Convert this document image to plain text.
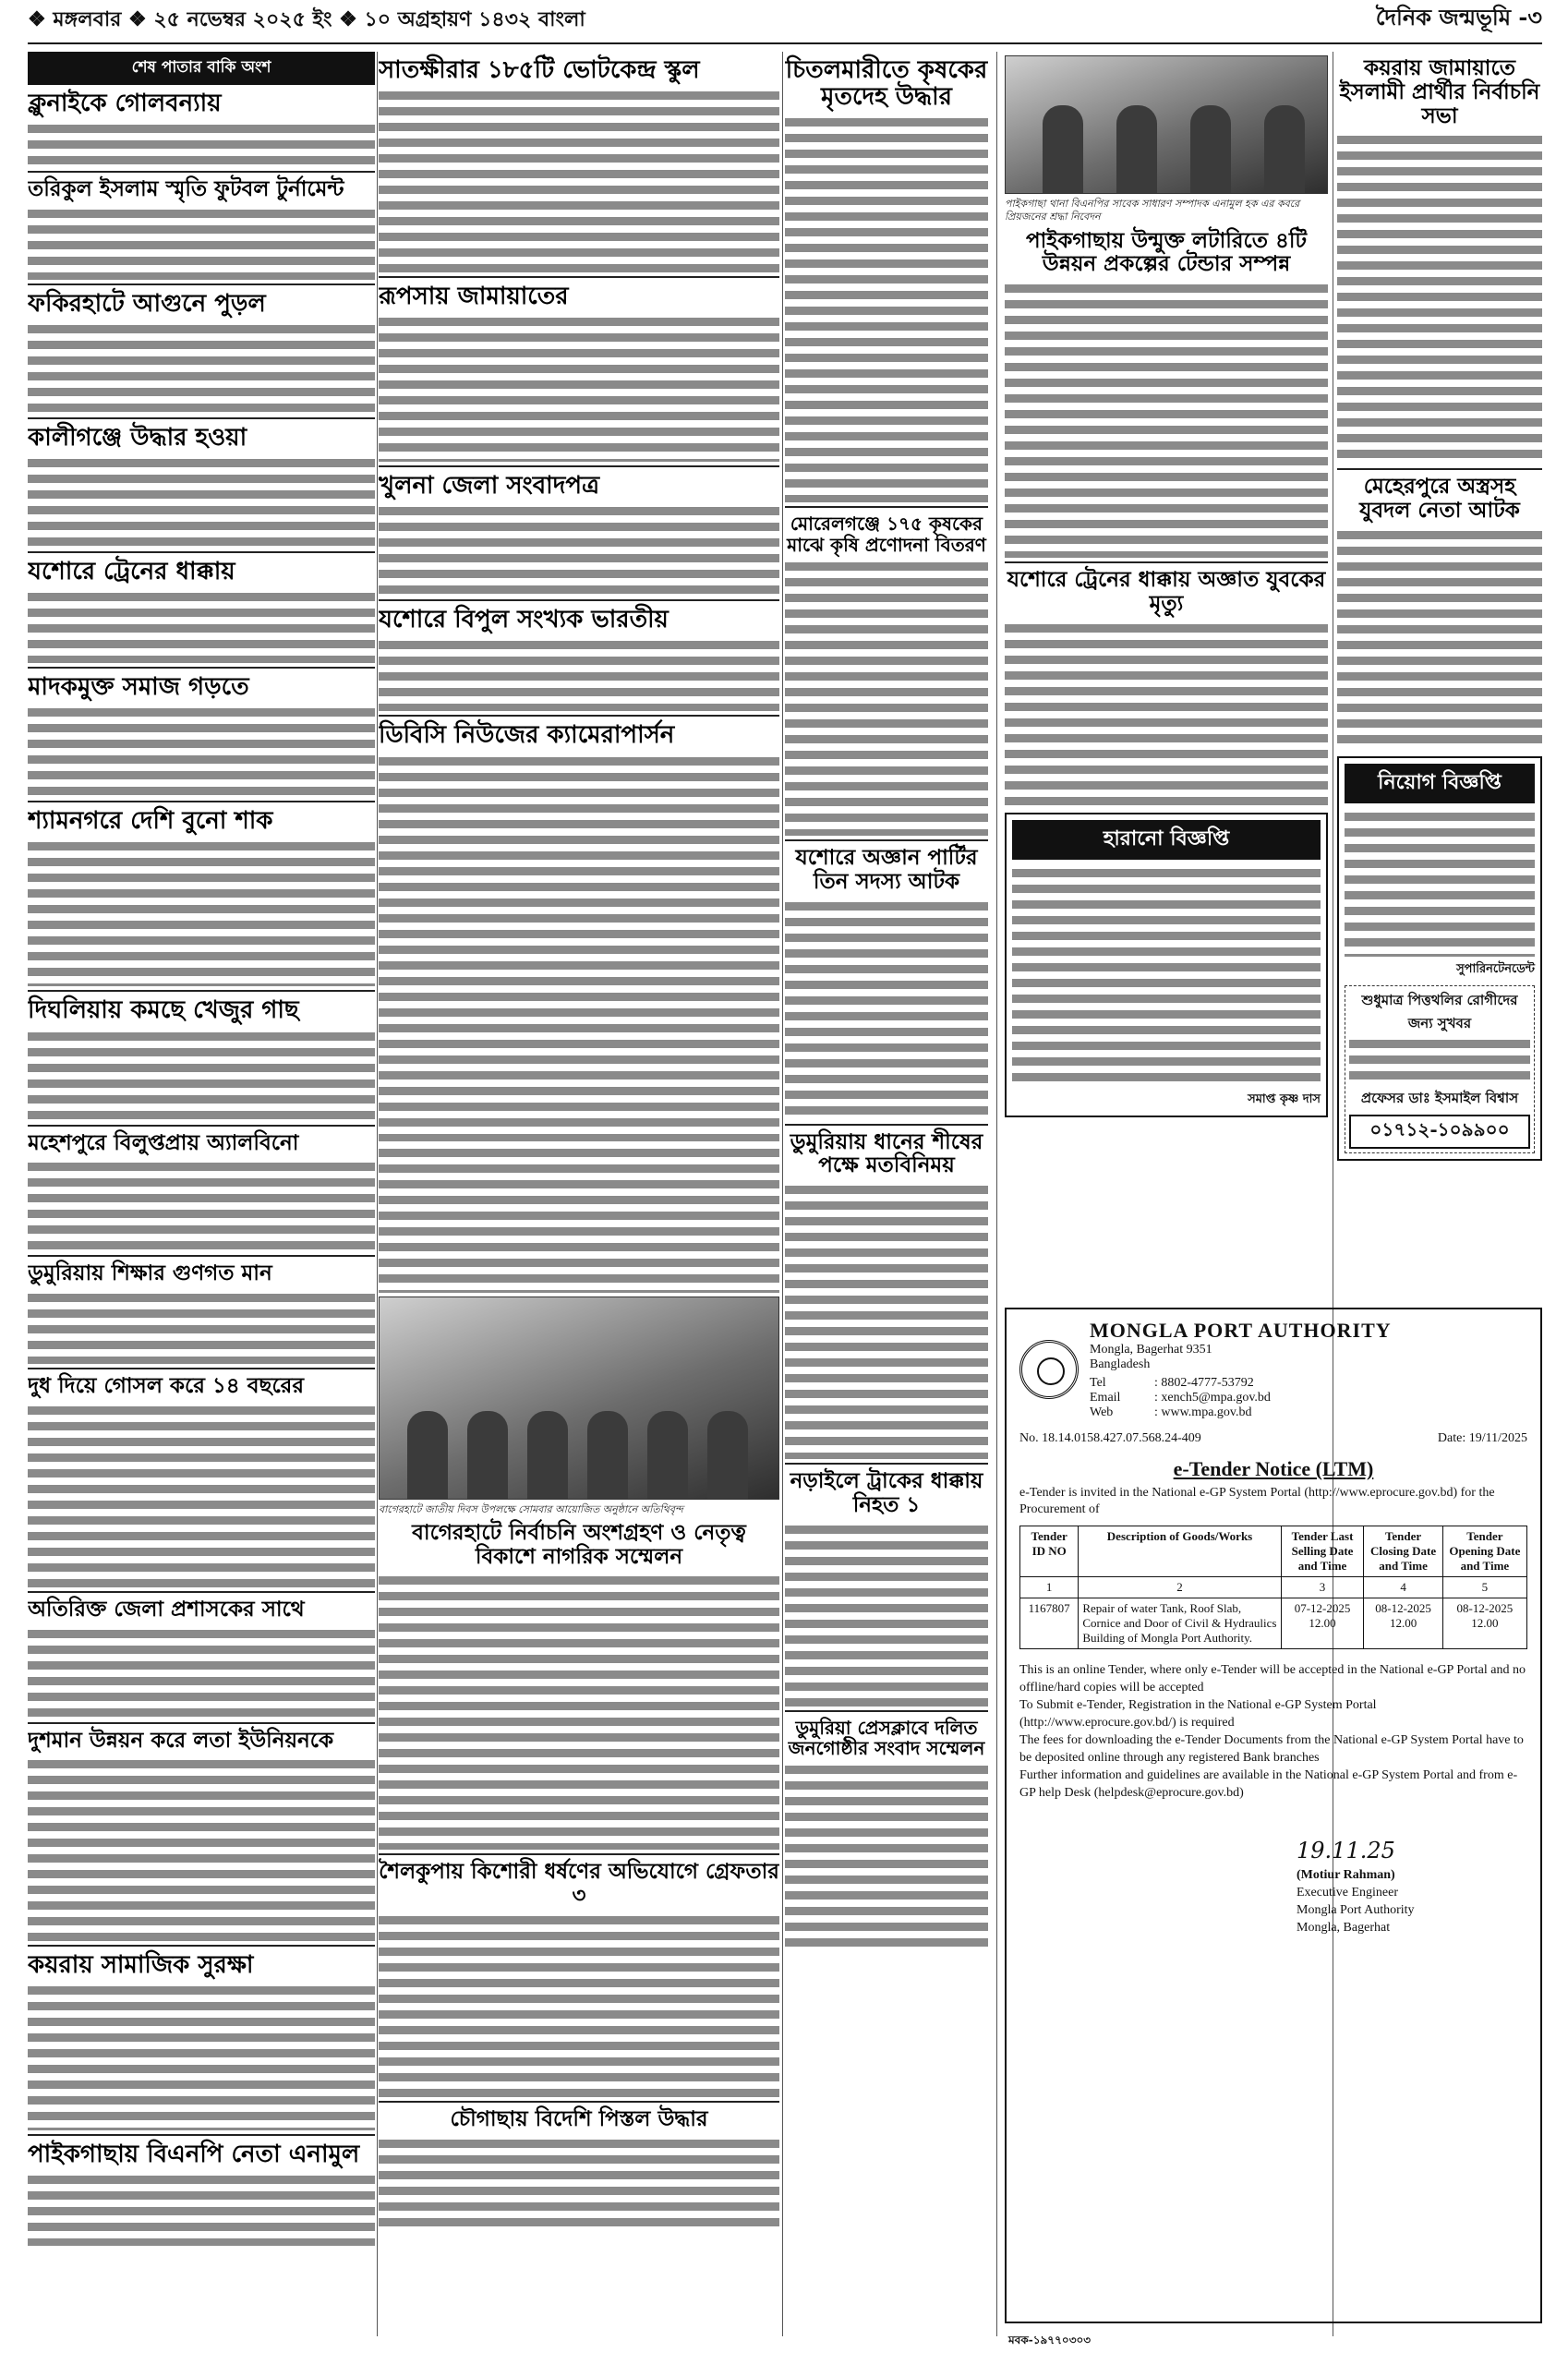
❖ মঙ্গলবার ❖ ২৫ নভেম্বর ২০২৫ ইং ❖ ১০ অগ্রহায়ণ ১৪৩২ বাংলা	দৈনিক জন্মভূমি -৩
শেষ পাতার বাকি অংশ
ক্লুনাইকে গোলবন্যায়
তরিকুল ইসলাম স্মৃতি ফুটবল টুর্নামেন্ট
ফকিরহাটে আগুনে পুড়ল
কালীগঞ্জে উদ্ধার হওয়া
যশোরে ট্রেনের ধাক্কায়
মাদকমুক্ত সমাজ গড়তে
শ্যামনগরে দেশি বুনো শাক
দিঘলিয়ায় কমছে খেজুর গাছ
মহেশপুরে বিলুপ্তপ্রায় অ্যালবিনো
ডুমুরিয়ায় শিক্ষার গুণগত মান
দুধ দিয়ে গোসল করে ১৪ বছরের
অতিরিক্ত জেলা প্রশাসকের সাথে
দুশমান উন্নয়ন করে লতা ইউনিয়নকে
কয়রায় সামাজিক সুরক্ষা
পাইকগাছায় বিএনপি নেতা এনামুল
সাতক্ষীরার ১৮৫টি ভোটকেন্দ্র স্কুল
রূপসায় জামায়াতের
খুলনা জেলা সংবাদপত্র
যশোরে বিপুল সংখ্যক ভারতীয়
ডিবিসি নিউজের ক্যামেরাপার্সন
বাগেরহাটে জাতীয় দিবস উপলক্ষে সোমবার আয়োজিত অনুষ্ঠানে অতিথিবৃন্দ
বাগেরহাটে নির্বাচনি অংশগ্রহণ ও নেতৃত্ব বিকাশে নাগরিক সম্মেলন
শৈলকুপায় কিশোরী ধর্ষণের অভিযোগে গ্রেফতার ৩
চৌগাছায় বিদেশি পিস্তল উদ্ধার
চিতলমারীতে কৃষকের মৃতদেহ উদ্ধার
মোরেলগঞ্জে ১৭৫ কৃষকের মাঝে কৃষি প্রণোদনা বিতরণ
যশোরে অজ্ঞান পার্টির তিন সদস্য আটক
ডুমুরিয়ায় ধানের শীষের পক্ষে মতবিনিময়
নড়াইলে ট্রাকের ধাক্কায় নিহত ১
ডুমুরিয়া প্রেসক্লাবে দলিত জনগোষ্ঠীর সংবাদ সম্মেলন
পাইকগাছা থানা বিএনপির সাবেক সাধারণ সম্পাদক এনামুল হক এর কবরে প্রিয়জনের শ্রদ্ধা নিবেদন
পাইকগাছায় উন্মুক্ত লটারিতে ৪টি উন্নয়ন প্রকল্পের টেন্ডার সম্পন্ন
যশোরে ট্রেনের ধাক্কায় অজ্ঞাত যুবকের মৃত্যু
হারানো বিজ্ঞপ্তি
সমাপ্ত কৃষ্ণ দাস
কয়রায় জামায়াতে ইসলামী প্রার্থীর নির্বাচনি সভা
মেহেরপুরে অস্ত্রসহ যুবদল নেতা আটক
নিয়োগ বিজ্ঞপ্তি
সুপারিনটেনডেন্ট
শুধুমাত্র পিত্তথলির রোগীদের জন্য সুখবর
প্রফেসর ডাঃ ইসমাইল বিশ্বাস
০১৭১২-১০৯৯০০
MONGLA PORT AUTHORITY
Mongla, Bagerhat 9351
Bangladesh
Tel	: 8802-4777-53792
Email	: xench5@mpa.gov.bd
Web	: www.mpa.gov.bd
No. 18.14.0158.427.07.568.24-409	Date: 19/11/2025
e-Tender Notice (LTM)
e-Tender is invited in the National e-GP System Portal (http://www.eprocure.gov.bd) for the Procurement of
Tender ID NO	Description of Goods/Works	Tender Last Selling Date and Time	Tender Closing Date and Time	Tender Opening Date and Time
1	2	3	4	5
1167807	Repair of water Tank, Roof Slab, Cornice and Door of Civil & Hydraulics Building of Mongla Port Authority.	07-12-2025 12.00	08-12-2025 12.00	08-12-2025 12.00

This is an online Tender, where only e-Tender will be accepted in the National e-GP Portal and no offline/hard copies will be accepted

To Submit e-Tender, Registration in the National e-GP System Portal (http://www.eprocure.gov.bd/) is required

The fees for downloading the e-Tender Documents from the National e-GP System Portal have to be deposited online through any registered Bank branches

Further information and guidelines are available in the National e-GP System Portal and from e-GP help Desk (helpdesk@eprocure.gov.bd)

19.11.25
(Motiur Rahman)
Executive Engineer
Mongla Port Authority
Mongla, Bagerhat
মবক-১৯৭৭০৩০৩
